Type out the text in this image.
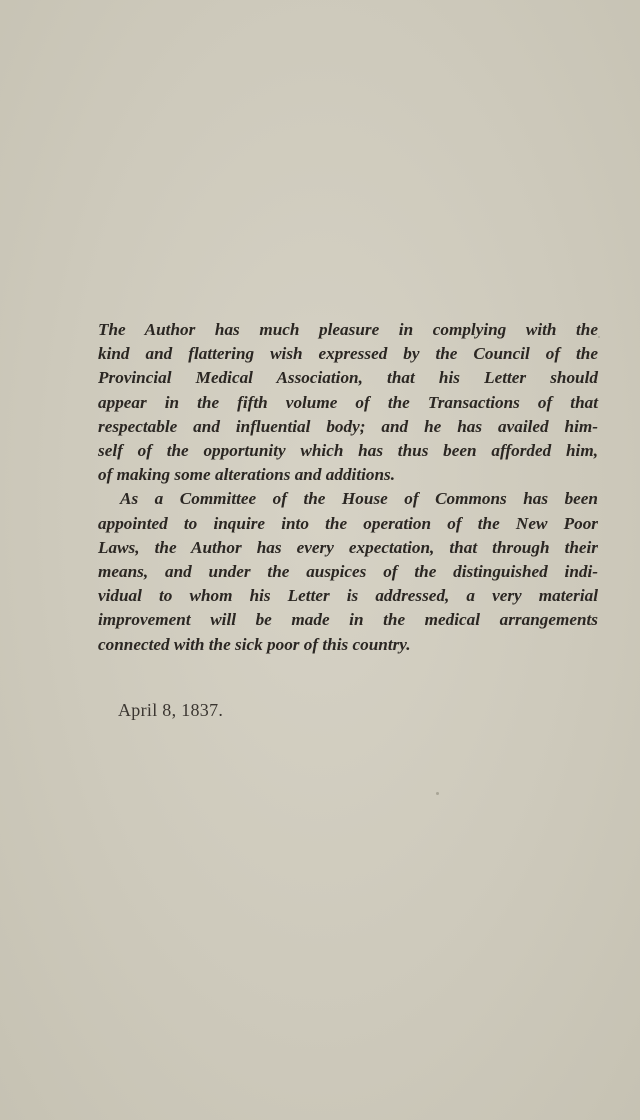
The Author has much pleasure in complying with the
kind and flattering wish expressed by the Council of the
Provincial Medical Association, that his Letter should
appear in the fifth volume of the Transactions of that
respectable and influential body; and he has availed him-
self of the opportunity which has thus been afforded him,
of making some alterations and additions.
As a Committee of the House of Commons has been
appointed to inquire into the operation of the New Poor
Laws, the Author has every expectation, that through their
means, and under the auspices of the distinguished indi-
vidual to whom his Letter is addressed, a very material
improvement will be made in the medical arrangements
connected with the sick poor of this country.
April 8, 1837.
